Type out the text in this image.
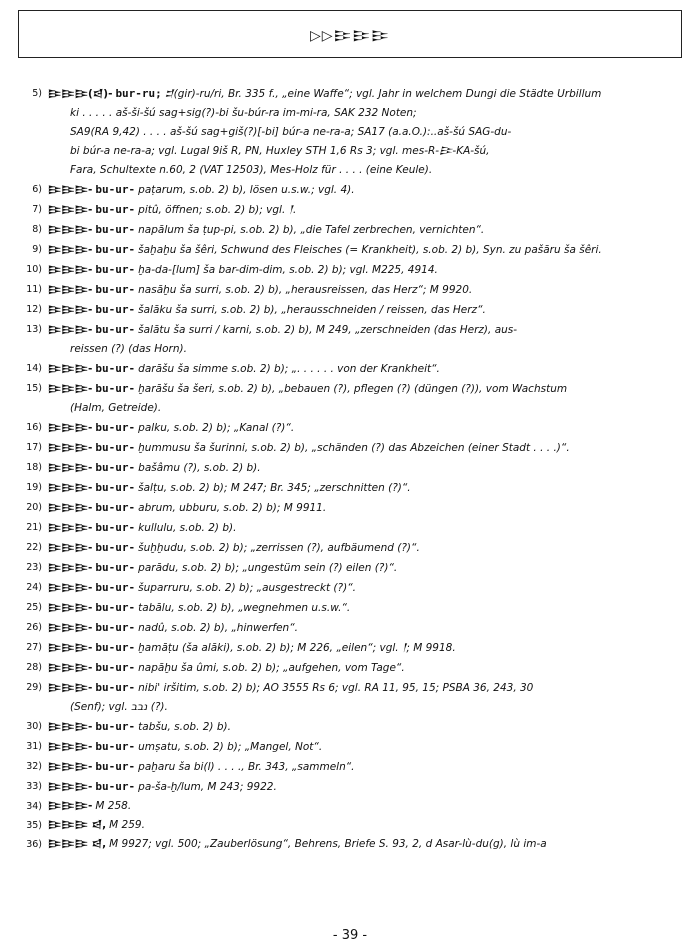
▷▷𒄿𒄿𒄿
5) 𒄿𒄿𒄿(𒁀)- bur-ru; 𒄑(gir)-ru/ri, Br. 335 f., „eine Waffe“; vgl. Jahr in welchem Dungi die Städte Urbillum
ki . . . . . aš-ši-šú sag+sig(?)-bi šu-búr-ra im-mi-ra, SAK 232 Noten;
SA9(RA 9,42) . . . . aš-šú sag+giš(?)[-bi] búr-a ne-ra-a; SA17 (a.a.O.):..aš-šú SAG-du-
bi búr-a ne-ra-a; vgl. Lugal 9iš R, PN, Huxley STH 1,6 Rs 3; vgl. mes-R-𒄿-KA-šú,
Fara, Schultexte n.60, 2 (VAT 12503), Mes-Holz für . . . . (eine Keule).
6) 𒄿𒄿𒄿- bu-ur- paṭarum, s.ob. 2) b), lösen u.s.w.; vgl. 4).
7) 𒄿𒄿𒄿- bu-ur- pitû, öffnen; s.ob. 2) b); vgl. 𒁹.
8) 𒄿𒄿𒄿- bu-ur- napālum ša ṭup-pi, s.ob. 2) b), „die Tafel zerbrechen, vernichten“.
9) 𒄿𒄿𒄿- bu-ur- šaḫaḫu ša šêri, Schwund des Fleisches (= Krankheit), s.ob. 2) b), Syn. zu pašāru ša šêri.
10) 𒄿𒄿𒄿- bu-ur- ḫa-da-[lum] ša bar-dim-dim, s.ob. 2) b); vgl. M225, 4914.
11) 𒄿𒄿𒄿- bu-ur- nasāḫu ša surri, s.ob. 2) b), „herausreissen, das Herz“; M 9920.
12) 𒄿𒄿𒄿- bu-ur- šalāku ša surri, s.ob. 2) b), „herausschneiden / reissen, das Herz“.
13) 𒄿𒄿𒄿- bu-ur- šalātu ša surri / karni, s.ob. 2) b), M 249, „zerschneiden (das Herz), aus-
reissen (?) (das Horn).
14) 𒄿𒄿𒄿- bu-ur- darāšu ša simme s.ob. 2) b); „. . . . . . von der Krankheit“.
15) 𒄿𒄿𒄿- bu-ur- ḫarāšu ša šeri, s.ob. 2) b), „bebauen (?), pflegen (?) (düngen (?)), vom Wachstum
(Halm, Getreide).
16) 𒄿𒄿𒄿- bu-ur- palku, s.ob. 2) b); „Kanal (?)“.
17) 𒄿𒄿𒄿- bu-ur- ḫummusu ša šurinni, s.ob. 2) b), „schänden (?) das Abzeichen (einer Stadt . . . .)“.
18) 𒄿𒄿𒄿- bu-ur- bašâmu (?), s.ob. 2) b).
19) 𒄿𒄿𒄿- bu-ur- šalṭu, s.ob. 2) b); M 247; Br. 345; „zerschnitten (?)“.
20) 𒄿𒄿𒄿- bu-ur- abrum, ubburu, s.ob. 2) b); M 9911.
21) 𒄿𒄿𒄿- bu-ur- kullulu, s.ob. 2) b).
22) 𒄿𒄿𒄿- bu-ur- šuḫḫudu, s.ob. 2) b); „zerrissen (?), aufbäumend (?)“.
23) 𒄿𒄿𒄿- bu-ur- parādu, s.ob. 2) b); „ungestüm sein (?) eilen (?)“.
24) 𒄿𒄿𒄿- bu-ur- šuparruru, s.ob. 2) b); „ausgestreckt (?)“.
25) 𒄿𒄿𒄿- bu-ur- tabālu, s.ob. 2) b), „wegnehmen u.s.w.“.
26) 𒄿𒄿𒄿- bu-ur- nadû, s.ob. 2) b), „hinwerfen“.
27) 𒄿𒄿𒄿- bu-ur- ḫamāṭu (ša alāki), s.ob. 2) b); M 226, „eilen“; vgl. 𒁹; M 9918.
28) 𒄿𒄿𒄿- bu-ur- napāḫu ša ûmi, s.ob. 2) b); „aufgehen, vom Tage“.
29) 𒄿𒄿𒄿- bu-ur- nibi' iršitim, s.ob. 2) b); AO 3555 Rs 6; vgl. RA 11, 95, 15; PSBA 36, 243, 30
(Senf); vgl. נבב (?).
30) 𒄿𒄿𒄿- bu-ur- tabšu, s.ob. 2) b).
31) 𒄿𒄿𒄿- bu-ur- umṣatu, s.ob. 2) b); „Mangel, Not“.
32) 𒄿𒄿𒄿- bu-ur- paḫaru ša bi(l) . . . ., Br. 343, „sammeln“.
33) 𒄿𒄿𒄿- bu-ur- pa-ša-ḫ/lum, M 243; 9922.
34) 𒄿𒄿𒄿- M 258.
35) 𒄿𒄿𒄿 𒁀, M 259.
36) 𒄿𒄿𒄿 𒁀, M 9927; vgl. 500; „Zauberlösung“, Behrens, Briefe S. 93, 2, d Asar-lù-du(g), lù im-a
- 39 -
